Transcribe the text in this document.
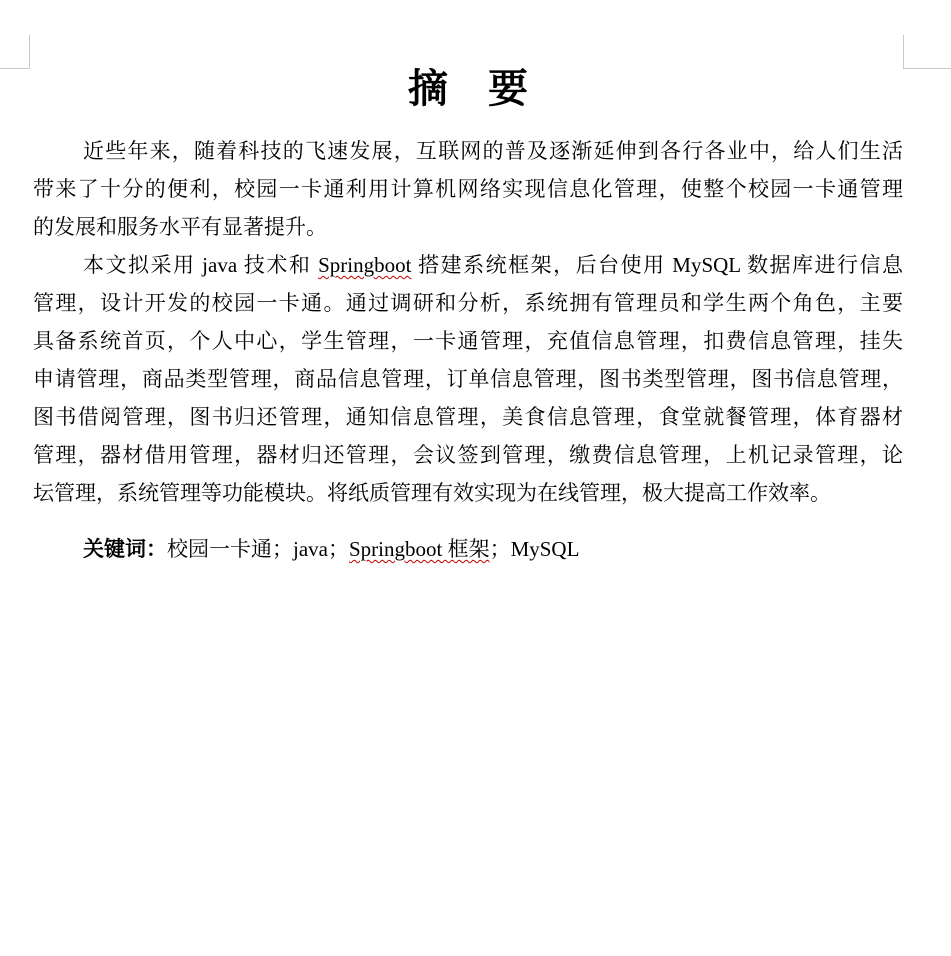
摘　要
近些年来，随着科技的飞速发展，互联网的普及逐渐延伸到各行各业中，给人们生活
带来了十分的便利，校园一卡通利用计算机网络实现信息化管理，使整个校园一卡通管理
的发展和服务水平有显著提升。
本文拟采用 java 技术和 Springboot 搭建系统框架，后台使用 MySQL 数据库进行信息
管理，设计开发的校园一卡通。通过调研和分析，系统拥有管理员和学生两个角色，主要
具备系统首页，个人中心，学生管理，一卡通管理，充值信息管理，扣费信息管理，挂失
申请管理，商品类型管理，商品信息管理，订单信息管理，图书类型管理，图书信息管理，
图书借阅管理，图书归还管理，通知信息管理，美食信息管理，食堂就餐管理，体育器材
管理，器材借用管理，器材归还管理，会议签到管理，缴费信息管理，上机记录管理，论
坛管理，系统管理等功能模块。将纸质管理有效实现为在线管理，极大提高工作效率。
关键词：校园一卡通；java；Springboot 框架；MySQL
